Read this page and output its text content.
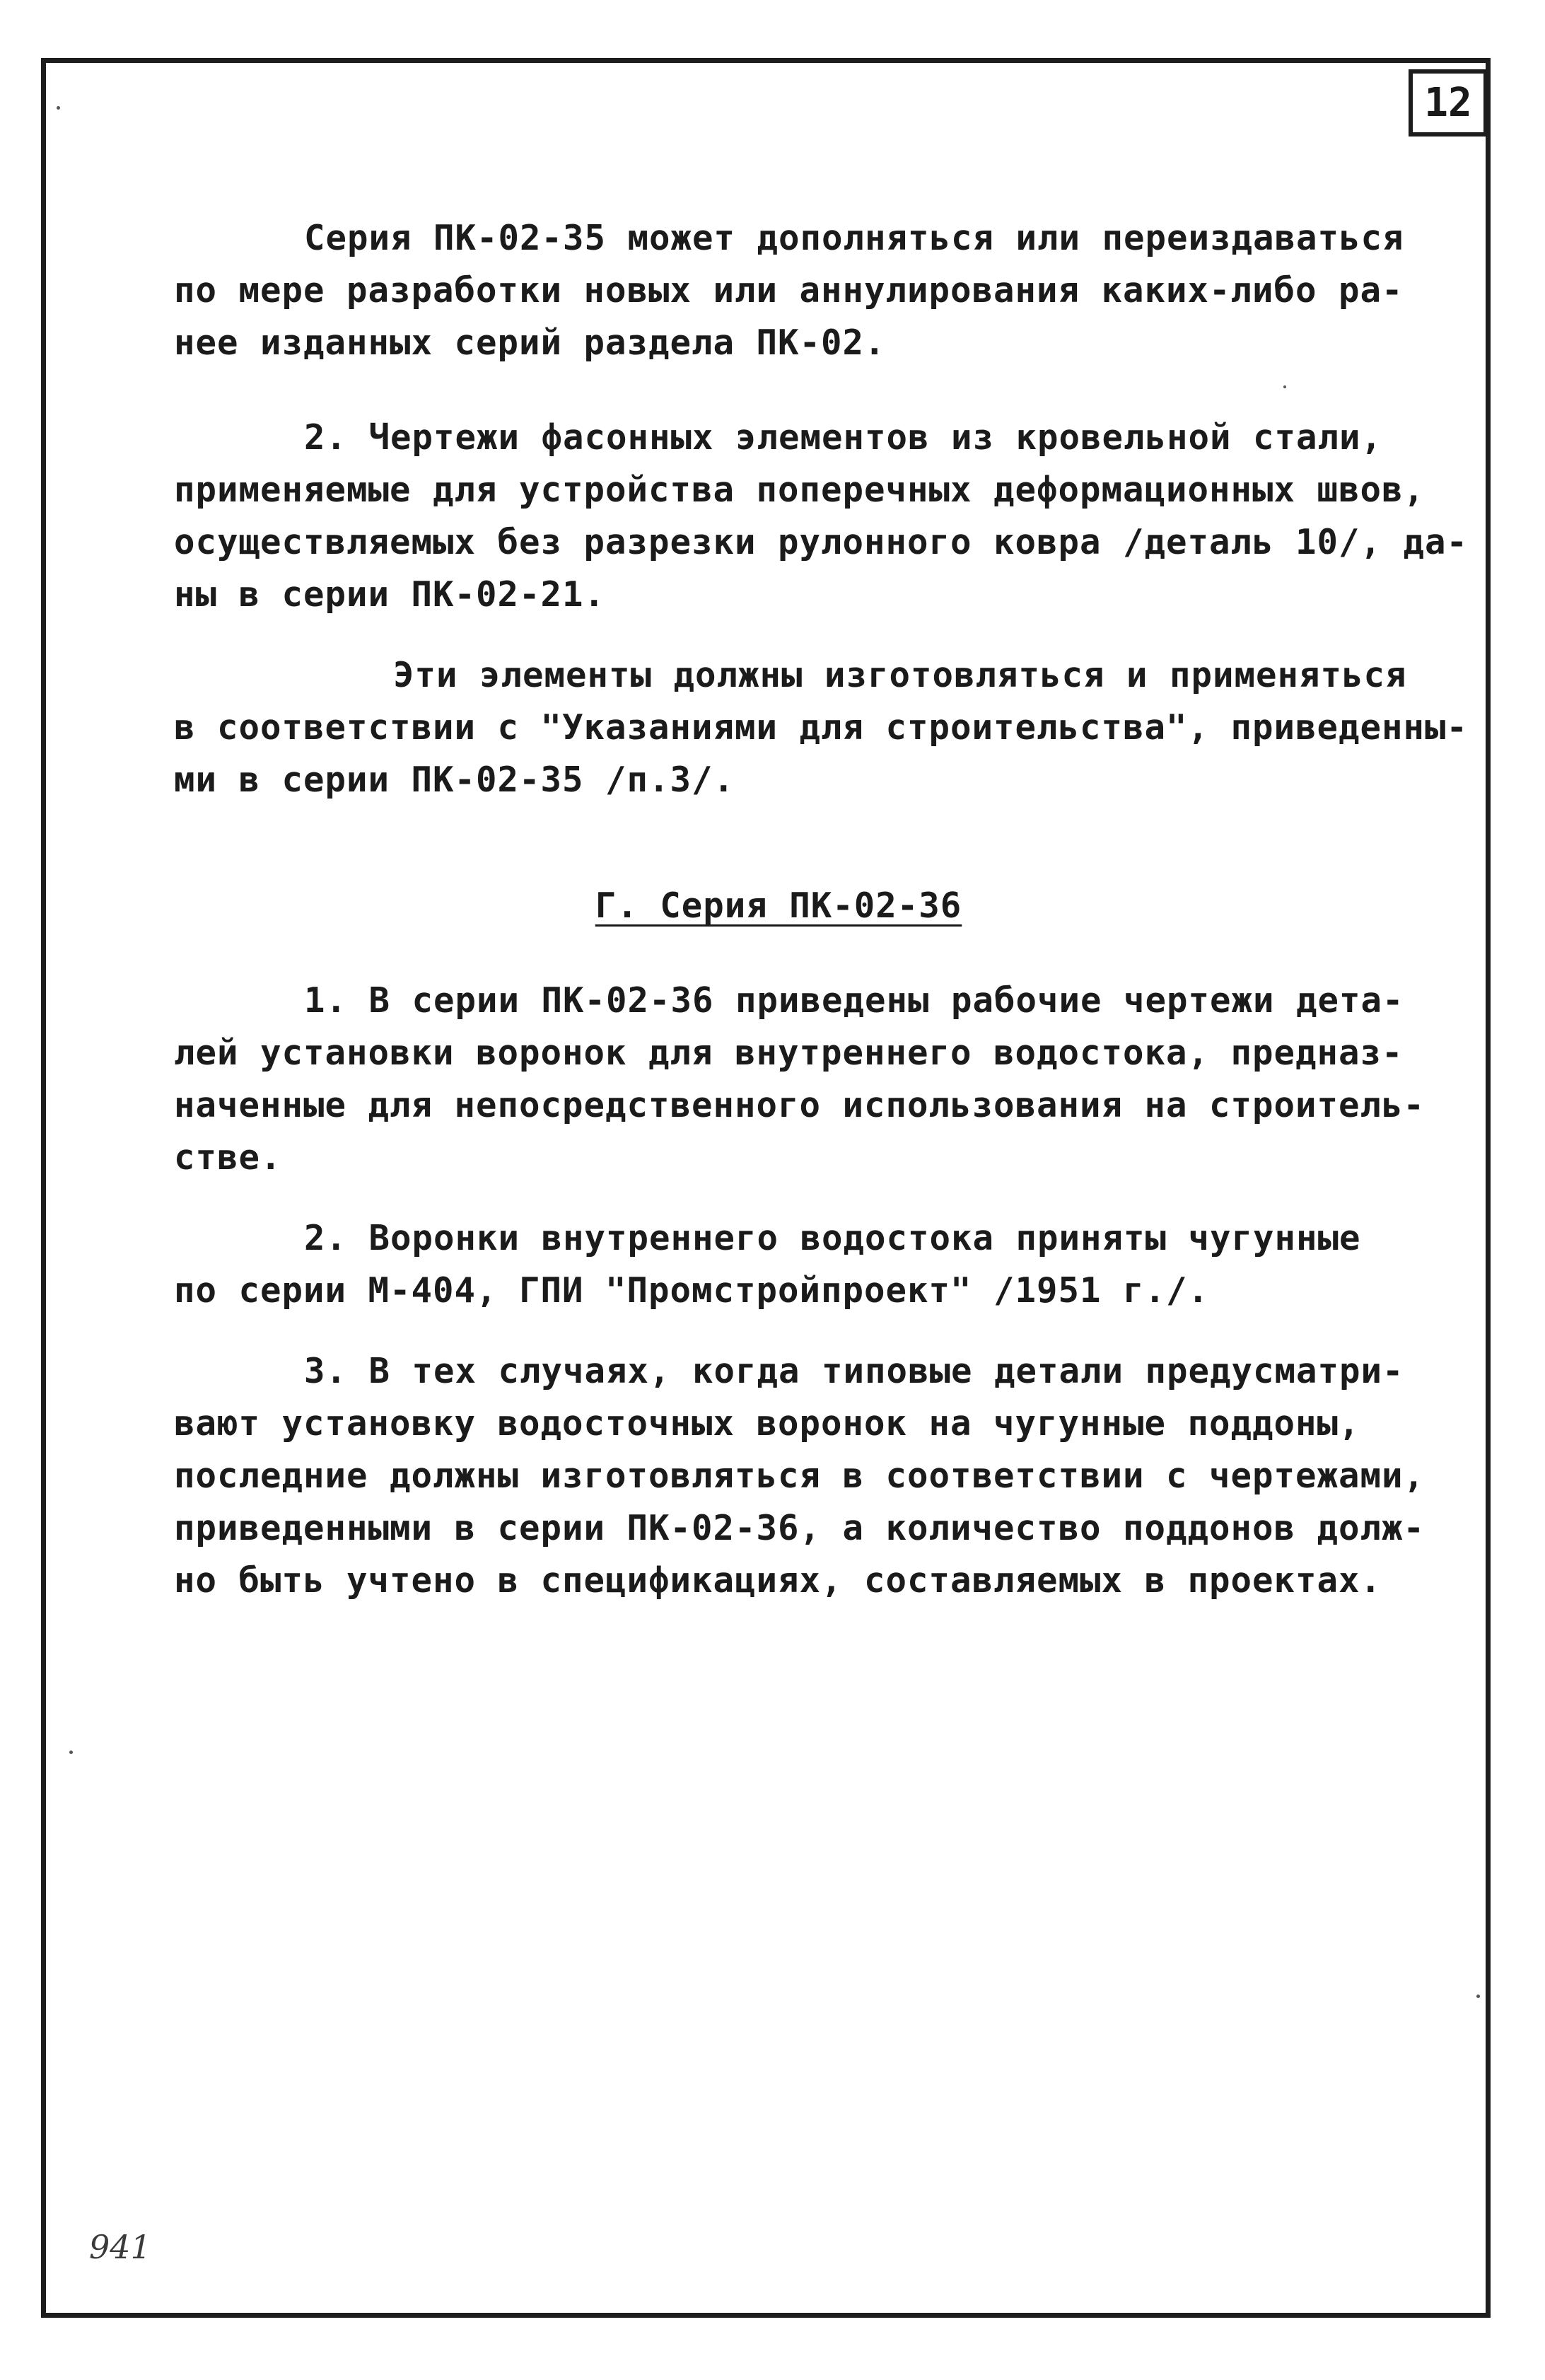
12
Серия ПК-02-35 может дополняться или переиздаваться
по мере разработки новых или аннулирования каких-либо ра-
нее изданных серий раздела ПК-02.
2. Чертежи фасонных элементов из кровельной стали,
применяемые для устройства поперечных деформационных швов,
осуществляемых без разрезки рулонного ковра /деталь 10/, да-
ны в серии ПК-02-21.
Эти элементы должны изготовляться и применяться
в соответствии с "Указаниями для строительства", приведенны-
ми в серии ПК-02-35 /п.3/.
Г. Серия ПК-02-36
1. В серии ПК-02-36 приведены рабочие чертежи дета-
лей установки воронок для внутреннего водостока, предназ-
наченные для непосредственного использования на строитель-
стве.
2. Воронки внутреннего водостока приняты чугунные
по серии М-404, ГПИ "Промстройпроект" /1951 г./.
3. В тех случаях, когда типовые детали предусматри-
вают установку водосточных воронок на чугунные поддоны,
последние должны изготовляться в соответствии с чертежами,
приведенными в серии ПК-02-36, а количество поддонов долж-
но быть учтено в спецификациях, составляемых в проектах.
941
